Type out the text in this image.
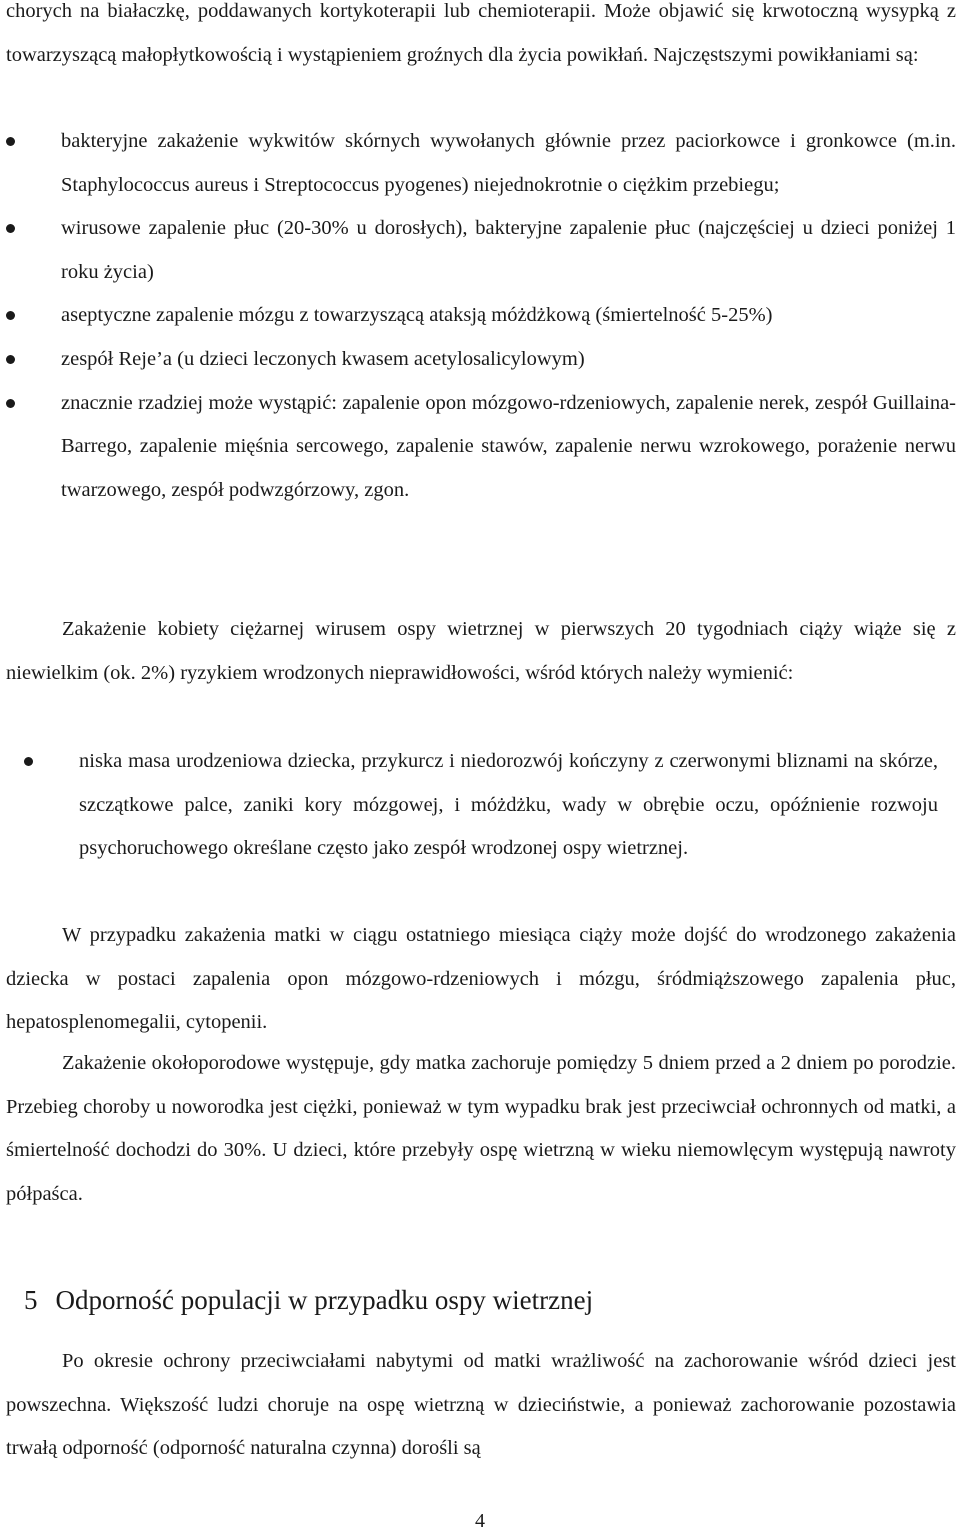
chorych na białaczkę, poddawanych kortykoterapii lub chemioterapii. Może objawić się krwotoczną wysypką z towarzyszącą małopłytkowością i wystąpieniem groźnych dla życia powikłań. Najczęstszymi powikłaniami są:

bakteryjne zakażenie wykwitów skórnych wywołanych głównie przez paciorkowce i gronkowce (m.in. Staphylococcus aureus i Streptococcus pyogenes) niejednokrotnie o ciężkim przebiegu;
wirusowe zapalenie płuc (20-30% u dorosłych), bakteryjne zapalenie płuc (najczęściej u dzieci poniżej 1 roku życia)
aseptyczne zapalenie mózgu z towarzyszącą ataksją móżdżkową (śmiertelność 5-25%)
zespół Reje’a (u dzieci leczonych kwasem acetylosalicylowym)
znacznie rzadziej może wystąpić: zapalenie opon mózgowo-rdzeniowych, zapalenie nerek, zespół Guillaina- Barrego, zapalenie mięśnia sercowego, zapalenie stawów, zapalenie nerwu wzrokowego, porażenie nerwu twarzowego, zespół podwzgórzowy, zgon.

Zakażenie kobiety ciężarnej wirusem ospy wietrznej w pierwszych 20 tygodniach ciąży wiąże się z niewielkim (ok. 2%) ryzykiem wrodzonych nieprawidłowości, wśród których należy wymienić:

niska masa urodzeniowa dziecka, przykurcz i niedorozwój kończyny z czerwonymi bliznami na skórze, szczątkowe palce, zaniki kory mózgowej, i móżdżku, wady w obrębie oczu, opóźnienie rozwoju psychoruchowego określane często jako zespół wrodzonej ospy wietrznej.

W przypadku zakażenia matki w ciągu ostatniego miesiąca ciąży może dojść do wrodzonego zakażenia dziecka w postaci zapalenia opon mózgowo-rdzeniowych i mózgu, śródmiąższowego zapalenia płuc, hepatosplenomegalii, cytopenii.

Zakażenie okołoporodowe występuje, gdy matka zachoruje pomiędzy 5 dniem przed a 2 dniem po porodzie. Przebieg choroby u noworodka jest ciężki, ponieważ w tym wypadku brak jest przeciwciał ochronnych od matki, a śmiertelność dochodzi do 30%. U dzieci, które przebyły ospę wietrzną w wieku niemowlęcym występują nawroty półpaśca.

5 Odporność populacji w przypadku ospy wietrznej

Po okresie ochrony przeciwciałami nabytymi od matki wrażliwość na zachorowanie wśród dzieci jest powszechna. Większość ludzi choruje na ospę wietrzną w dzieciństwie, a ponieważ zachorowanie pozostawia trwałą odporność (odporność naturalna czynna) dorośli są

4
